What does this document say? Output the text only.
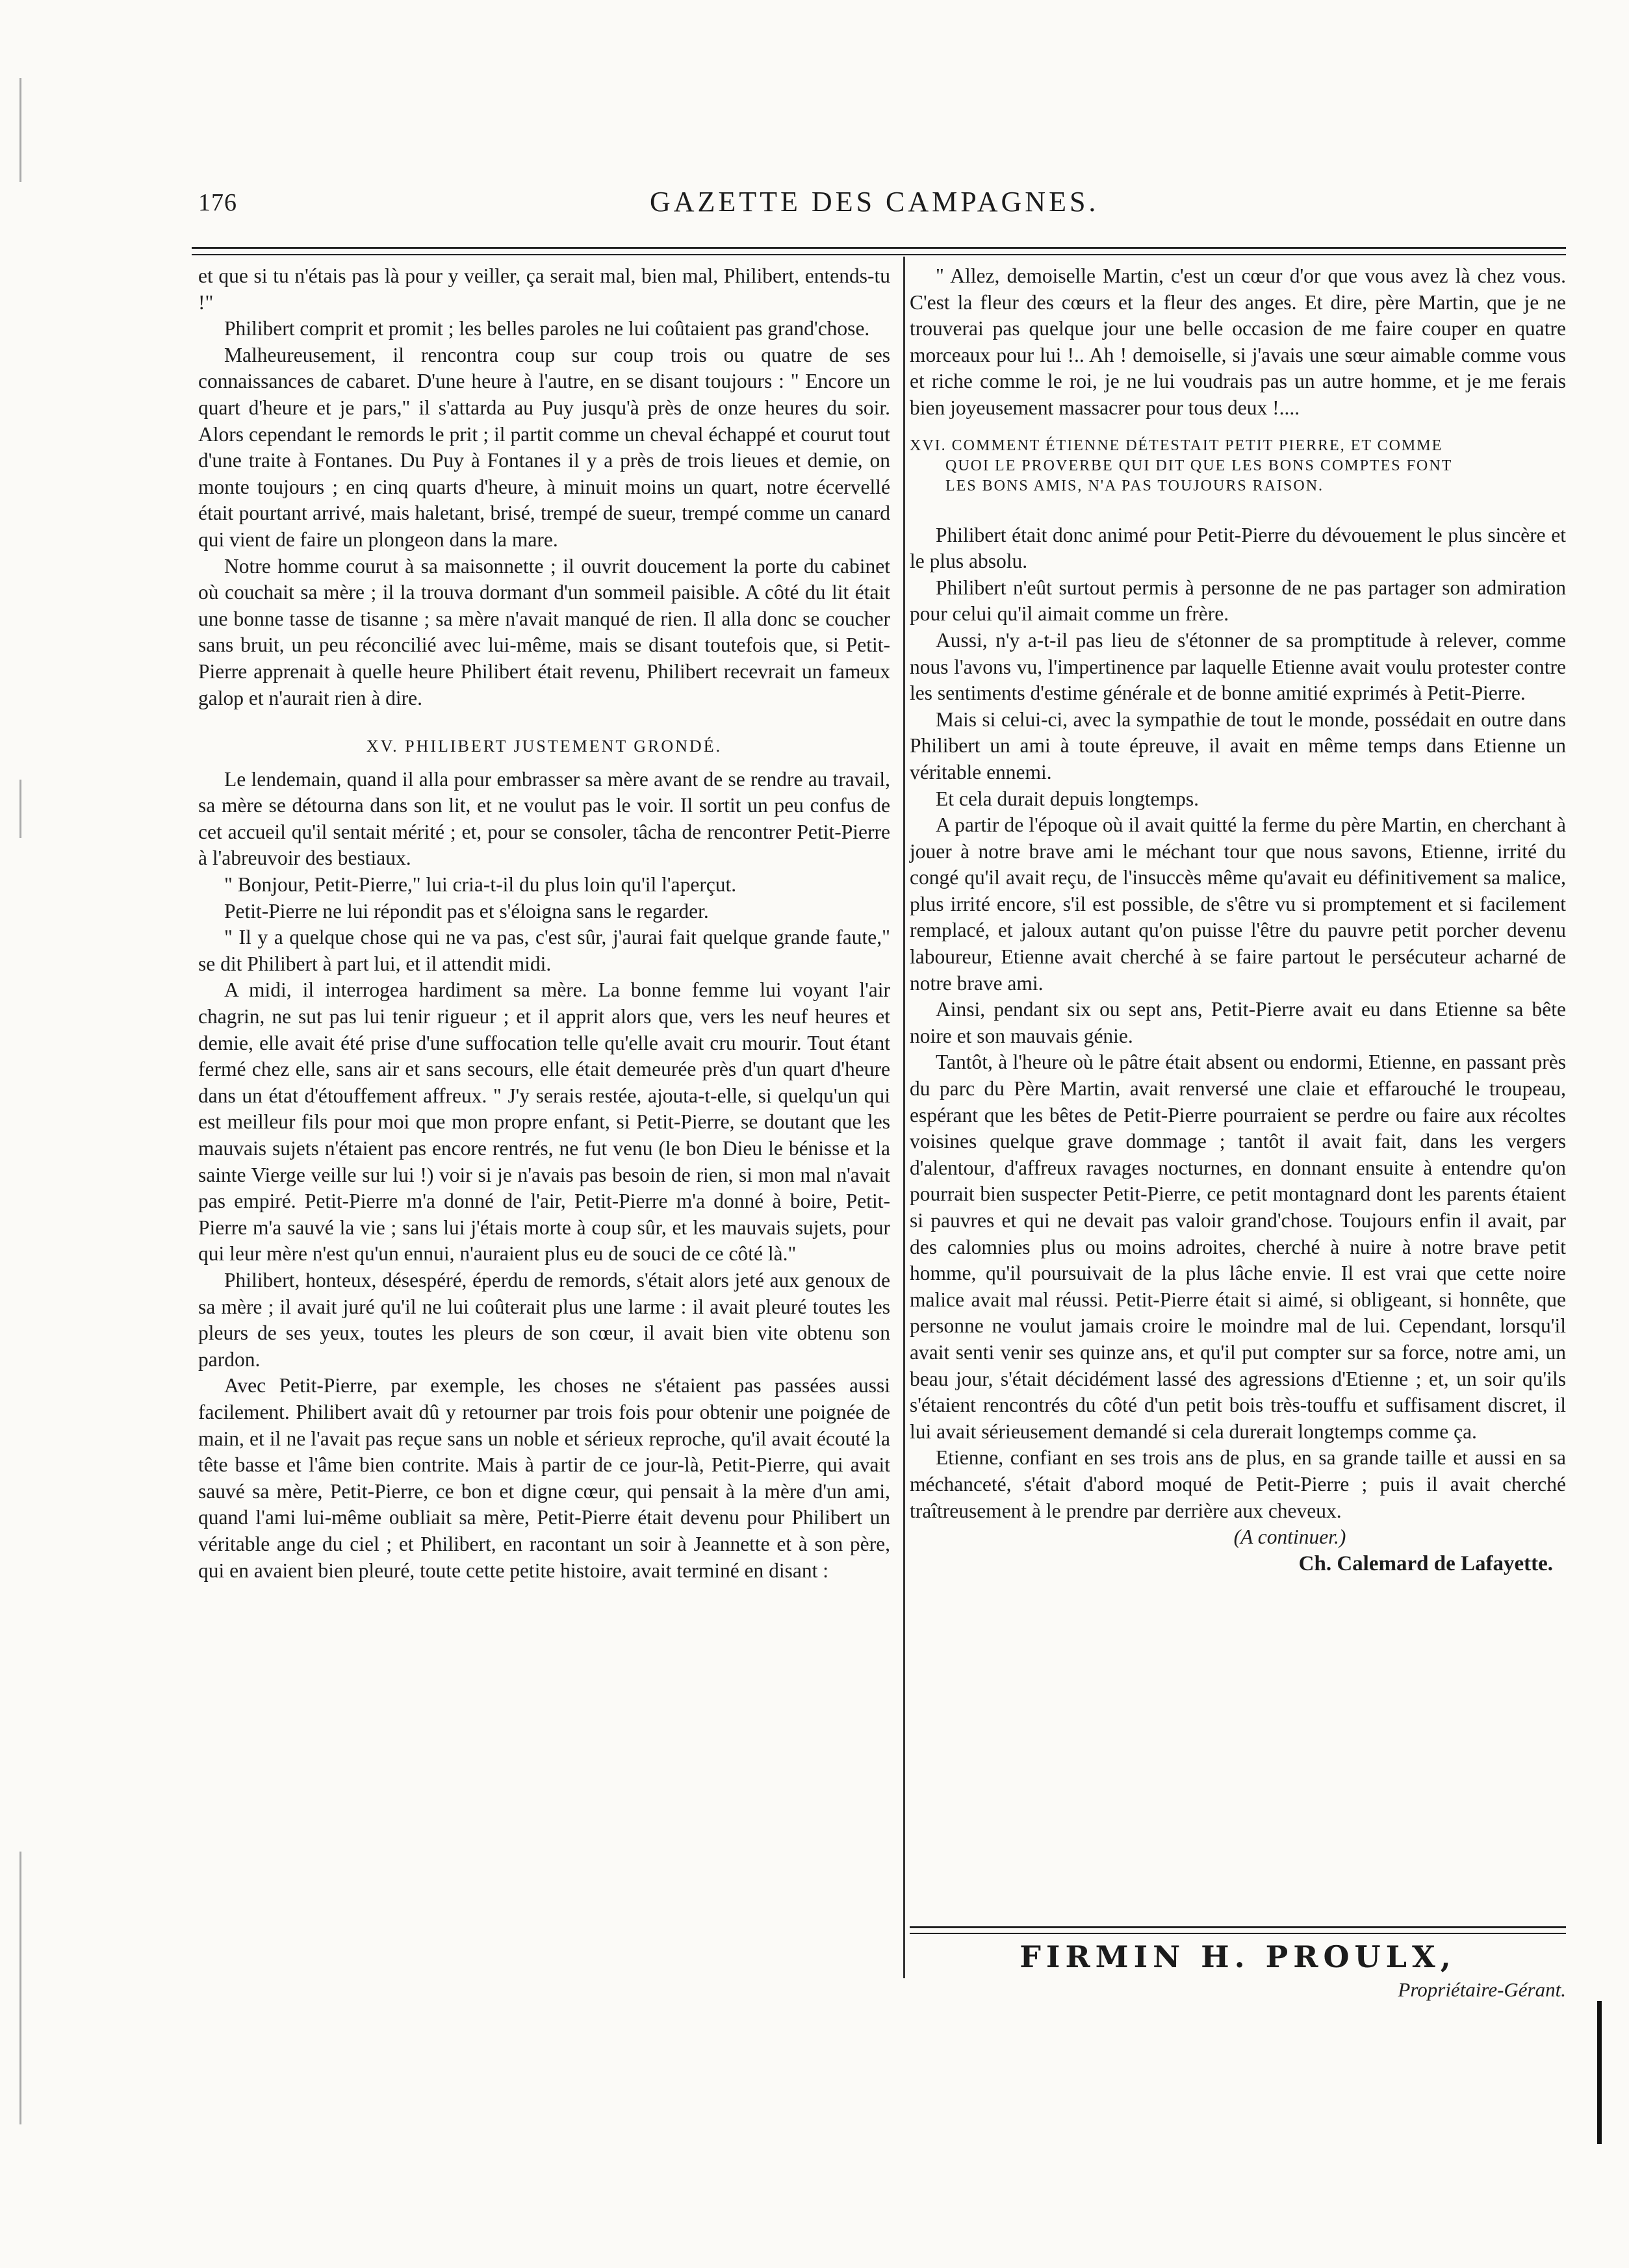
176	GAZETTE DES CAMPAGNES.

et que si tu n'étais pas là pour y veiller, ça serait mal, bien mal, Philibert, entends-tu !"

Philibert comprit et promit ; les belles paroles ne lui coûtaient pas grand'chose.

Malheureusement, il rencontra coup sur coup trois ou quatre de ses connaissances de cabaret. D'une heure à l'autre, en se disant toujours : " Encore un quart d'heure et je pars," il s'attarda au Puy jusqu'à près de onze heures du soir. Alors cependant le remords le prit ; il partit comme un cheval échappé et courut tout d'une traite à Fontanes. Du Puy à Fontanes il y a près de trois lieues et demie, on monte toujours ; en cinq quarts d'heure, à minuit moins un quart, notre écervellé était pourtant arrivé, mais haletant, brisé, trempé de sueur, trempé comme un canard qui vient de faire un plongeon dans la mare.

Notre homme courut à sa maisonnette ; il ouvrit doucement la porte du cabinet où couchait sa mère ; il la trouva dormant d'un sommeil paisible. A côté du lit était une bonne tasse de tisanne ; sa mère n'avait manqué de rien. Il alla donc se coucher sans bruit, un peu réconcilié avec lui-même, mais se disant toutefois que, si Petit-Pierre apprenait à quelle heure Philibert était revenu, Philibert recevrait un fameux galop et n'aurait rien à dire.

XV. PHILIBERT JUSTEMENT GRONDÉ.

Le lendemain, quand il alla pour embrasser sa mère avant de se rendre au travail, sa mère se détourna dans son lit, et ne voulut pas le voir. Il sortit un peu confus de cet accueil qu'il sentait mérité ; et, pour se consoler, tâcha de rencontrer Petit-Pierre à l'abreuvoir des bestiaux.

" Bonjour, Petit-Pierre," lui cria-t-il du plus loin qu'il l'aperçut.

Petit-Pierre ne lui répondit pas et s'éloigna sans le regarder.

" Il y a quelque chose qui ne va pas, c'est sûr, j'aurai fait quelque grande faute," se dit Philibert à part lui, et il attendit midi.

A midi, il interrogea hardiment sa mère. La bonne femme lui voyant l'air chagrin, ne sut pas lui tenir rigueur ; et il apprit alors que, vers les neuf heures et demie, elle avait été prise d'une suffocation telle qu'elle avait cru mourir. Tout étant fermé chez elle, sans air et sans secours, elle était demeurée près d'un quart d'heure dans un état d'étouffement affreux. " J'y serais restée, ajouta-t-elle, si quelqu'un qui est meilleur fils pour moi que mon propre enfant, si Petit-Pierre, se doutant que les mauvais sujets n'étaient pas encore rentrés, ne fut venu (le bon Dieu le bénisse et la sainte Vierge veille sur lui !) voir si je n'avais pas besoin de rien, si mon mal n'avait pas empiré. Petit-Pierre m'a donné de l'air, Petit-Pierre m'a donné à boire, Petit-Pierre m'a sauvé la vie ; sans lui j'étais morte à coup sûr, et les mauvais sujets, pour qui leur mère n'est qu'un ennui, n'auraient plus eu de souci de ce côté là."

Philibert, honteux, désespéré, éperdu de remords, s'était alors jeté aux genoux de sa mère ; il avait juré qu'il ne lui coûterait plus une larme : il avait pleuré toutes les pleurs de ses yeux, toutes les pleurs de son cœur, il avait bien vite obtenu son pardon.

Avec Petit-Pierre, par exemple, les choses ne s'étaient pas passées aussi facilement. Philibert avait dû y retourner par trois fois pour obtenir une poignée de main, et il ne l'avait pas reçue sans un noble et sérieux reproche, qu'il avait écouté la tête basse et l'âme bien contrite. Mais à partir de ce jour-là, Petit-Pierre, qui avait sauvé sa mère, Petit-Pierre, ce bon et digne cœur, qui pensait à la mère d'un ami, quand l'ami lui-même oubliait sa mère, Petit-Pierre était devenu pour Philibert un véritable ange du ciel ; et Philibert, en racontant un soir à Jeannette et à son père, qui en avaient bien pleuré, toute cette petite histoire, avait terminé en disant :

" Allez, demoiselle Martin, c'est un cœur d'or que vous avez là chez vous. C'est la fleur des cœurs et la fleur des anges. Et dire, père Martin, que je ne trouverai pas quelque jour une belle occasion de me faire couper en quatre morceaux pour lui !.. Ah ! demoiselle, si j'avais une sœur aimable comme vous et riche comme le roi, je ne lui voudrais pas un autre homme, et je me ferais bien joyeusement massacrer pour tous deux !....

XVI. COMMENT ÉTIENNE DÉTESTAIT PETIT PIERRE, ET COMME
QUOI LE PROVERBE QUI DIT QUE LES BONS COMPTES FONT
LES BONS AMIS, N'A PAS TOUJOURS RAISON.

Philibert était donc animé pour Petit-Pierre du dévouement le plus sincère et le plus absolu.

Philibert n'eût surtout permis à personne de ne pas partager son admiration pour celui qu'il aimait comme un frère.

Aussi, n'y a-t-il pas lieu de s'étonner de sa promptitude à relever, comme nous l'avons vu, l'impertinence par laquelle Etienne avait voulu protester contre les sentiments d'estime générale et de bonne amitié exprimés à Petit-Pierre.

Mais si celui-ci, avec la sympathie de tout le monde, possédait en outre dans Philibert un ami à toute épreuve, il avait en même temps dans Etienne un véritable ennemi.

Et cela durait depuis longtemps.

A partir de l'époque où il avait quitté la ferme du père Martin, en cherchant à jouer à notre brave ami le méchant tour que nous savons, Etienne, irrité du congé qu'il avait reçu, de l'insuccès même qu'avait eu définitivement sa malice, plus irrité encore, s'il est possible, de s'être vu si promptement et si facilement remplacé, et jaloux autant qu'on puisse l'être du pauvre petit porcher devenu laboureur, Etienne avait cherché à se faire partout le persécuteur acharné de notre brave ami.

Ainsi, pendant six ou sept ans, Petit-Pierre avait eu dans Etienne sa bête noire et son mauvais génie.

Tantôt, à l'heure où le pâtre était absent ou endormi, Etienne, en passant près du parc du Père Martin, avait renversé une claie et effarouché le troupeau, espérant que les bêtes de Petit-Pierre pourraient se perdre ou faire aux récoltes voisines quelque grave dommage ; tantôt il avait fait, dans les vergers d'alentour, d'affreux ravages nocturnes, en donnant ensuite à entendre qu'on pourrait bien suspecter Petit-Pierre, ce petit montagnard dont les parents étaient si pauvres et qui ne devait pas valoir grand'chose. Toujours enfin il avait, par des calomnies plus ou moins adroites, cherché à nuire à notre brave petit homme, qu'il poursuivait de la plus lâche envie. Il est vrai que cette noire malice avait mal réussi. Petit-Pierre était si aimé, si obligeant, si honnête, que personne ne voulut jamais croire le moindre mal de lui. Cependant, lorsqu'il avait senti venir ses quinze ans, et qu'il put compter sur sa force, notre ami, un beau jour, s'était décidément lassé des agressions d'Etienne ; et, un soir qu'ils s'étaient rencontrés du côté d'un petit bois très-touffu et suffisament discret, il lui avait sérieusement demandé si cela durerait longtemps comme ça.

Etienne, confiant en ses trois ans de plus, en sa grande taille et aussi en sa méchanceté, s'était d'abord moqué de Petit-Pierre ; puis il avait cherché traîtreusement à le prendre par derrière aux cheveux.

(A continuer.)

Ch. Calemard de Lafayette.

FIRMIN H. PROULX,
Propriétaire-Gérant.
